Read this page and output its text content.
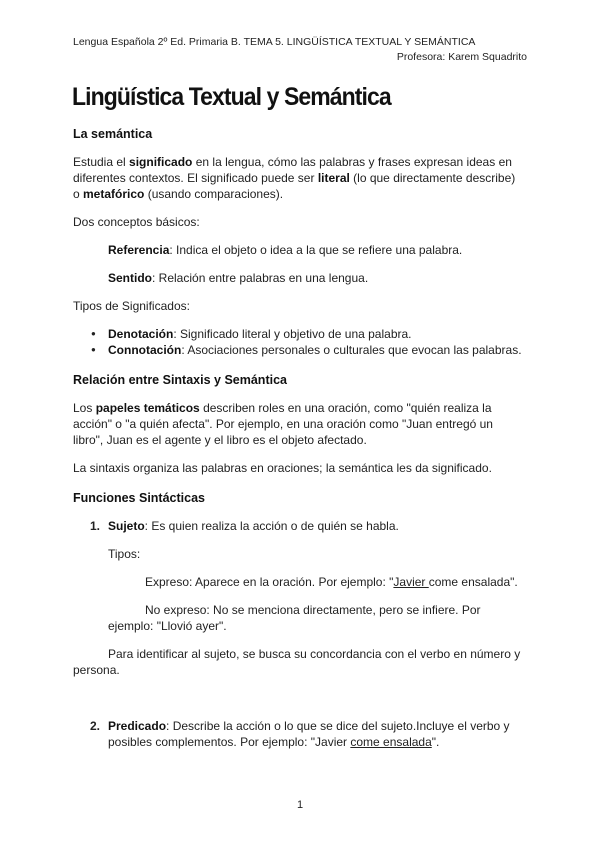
Lengua Española 2º Ed. Primaria B. TEMA 5. LINGÜÍSTICA TEXTUAL Y SEMÁNTICA
Profesora: Karem Squadrito
Lingüística Textual y Semántica
La semántica
Estudia el significado en la lengua, cómo las palabras y frases expresan ideas en
diferentes contextos. El significado puede ser literal (lo que directamente describe)
o metafórico (usando comparaciones).
Dos conceptos básicos:
Referencia: Indica el objeto o idea a la que se refiere una palabra.
Sentido: Relación entre palabras en una lengua.
Tipos de Significados:
● Denotación: Significado literal y objetivo de una palabra.
● Connotación: Asociaciones personales o culturales que evocan las palabras.
Relación entre Sintaxis y Semántica
Los papeles temáticos describen roles en una oración, como "quién realiza la
acción" o "a quién afecta". Por ejemplo, en una oración como "Juan entregó un
libro", Juan es el agente y el libro es el objeto afectado.
La sintaxis organiza las palabras en oraciones; la semántica les da significado.
Funciones Sintácticas
1. Sujeto: Es quien realiza la acción o de quién se habla.
Tipos:
Expreso: Aparece en la oración. Por ejemplo: "Javier come ensalada".
No expreso: No se menciona directamente, pero se infiere. Por
ejemplo: "Llovió ayer".
Para identificar al sujeto, se busca su concordancia con el verbo en número y
persona.
2. Predicado: Describe la acción o lo que se dice del sujeto.Incluye el verbo y
posibles complementos. Por ejemplo: "Javier come ensalada".
1
